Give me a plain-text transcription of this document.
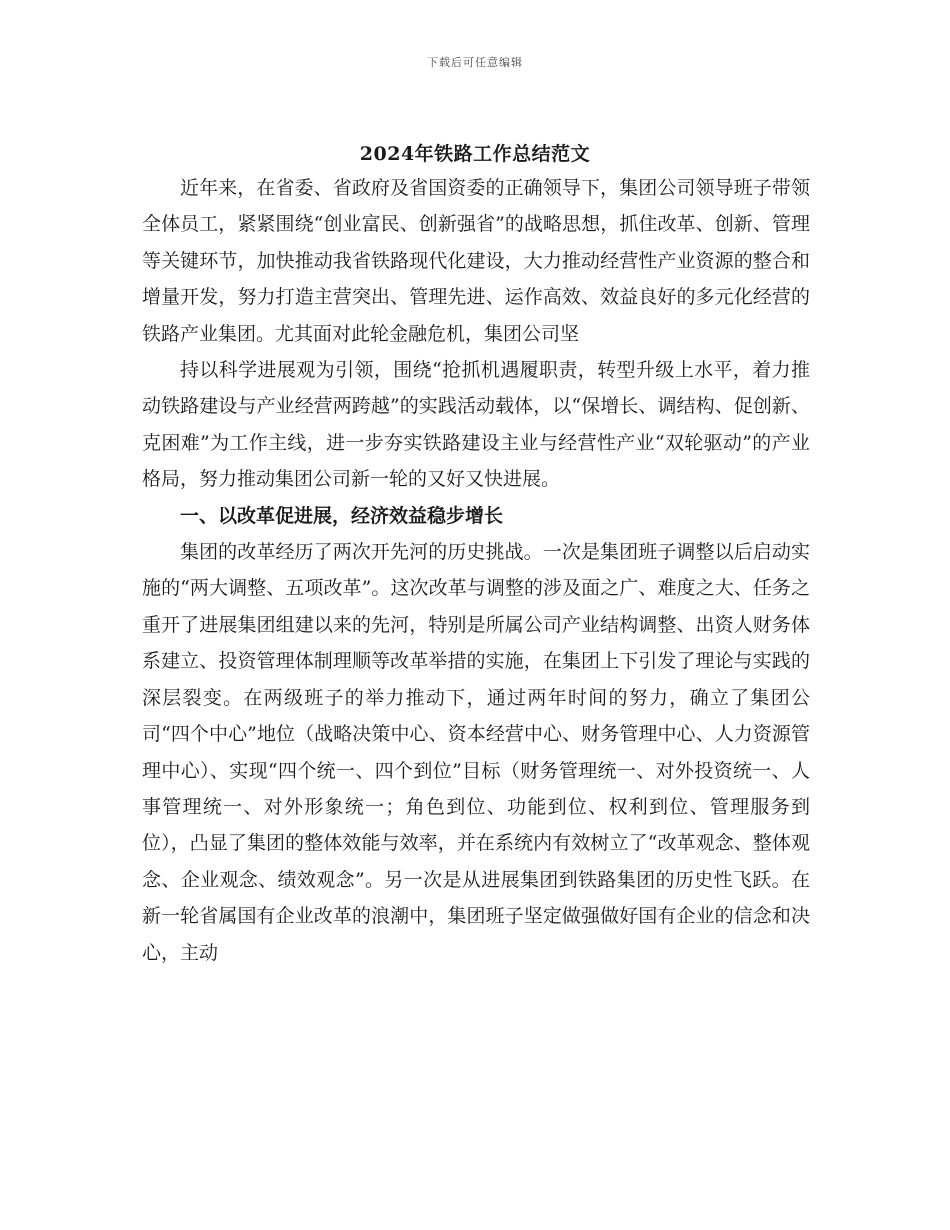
下载后可任意编辑
2024年铁路工作总结范文

近年来，在省委、省政府及省国资委的正确领导下，集团公司领导班子带领全体员工，紧紧围绕“创业富民、创新强省”的战略思想，抓住改革、创新、管理等关键环节，加快推动我省铁路现代化建设，大力推动经营性产业资源的整合和增量开发，努力打造主营突出、管理先进、运作高效、效益良好的多元化经营的铁路产业集团。尤其面对此轮金融危机，集团公司坚

持以科学进展观为引领，围绕“抢抓机遇履职责，转型升级上水平，着力推动铁路建设与产业经营两跨越”的实践活动载体，以“保增长、调结构、促创新、克困难”为工作主线，进一步夯实铁路建设主业与经营性产业“双轮驱动”的产业格局，努力推动集团公司新一轮的又好又快进展。

一、以改革促进展，经济效益稳步增长

集团的改革经历了两次开先河的历史挑战。一次是集团班子调整以后启动实施的“两大调整、五项改革”。这次改革与调整的涉及面之广、难度之大、任务之重开了进展集团组建以来的先河，特别是所属公司产业结构调整、出资人财务体系建立、投资管理体制理顺等改革举措的实施，在集团上下引发了理论与实践的深层裂变。在两级班子的举力推动下，通过两年时间的努力，确立了集团公司“四个中心”地位（战略决策中心、资本经营中心、财务管理中心、人力资源管理中心）、实现“四个统一、四个到位”目标（财务管理统一、对外投资统一、人事管理统一、对外形象统一；角色到位、功能到位、权利到位、管理服务到位），凸显了集团的整体效能与效率，并在系统内有效树立了“改革观念、整体观念、企业观念、绩效观念”。另一次是从进展集团到铁路集团的历史性飞跃。在新一轮省属国有企业改革的浪潮中，集团班子坚定做强做好国有企业的信念和决心，主动
